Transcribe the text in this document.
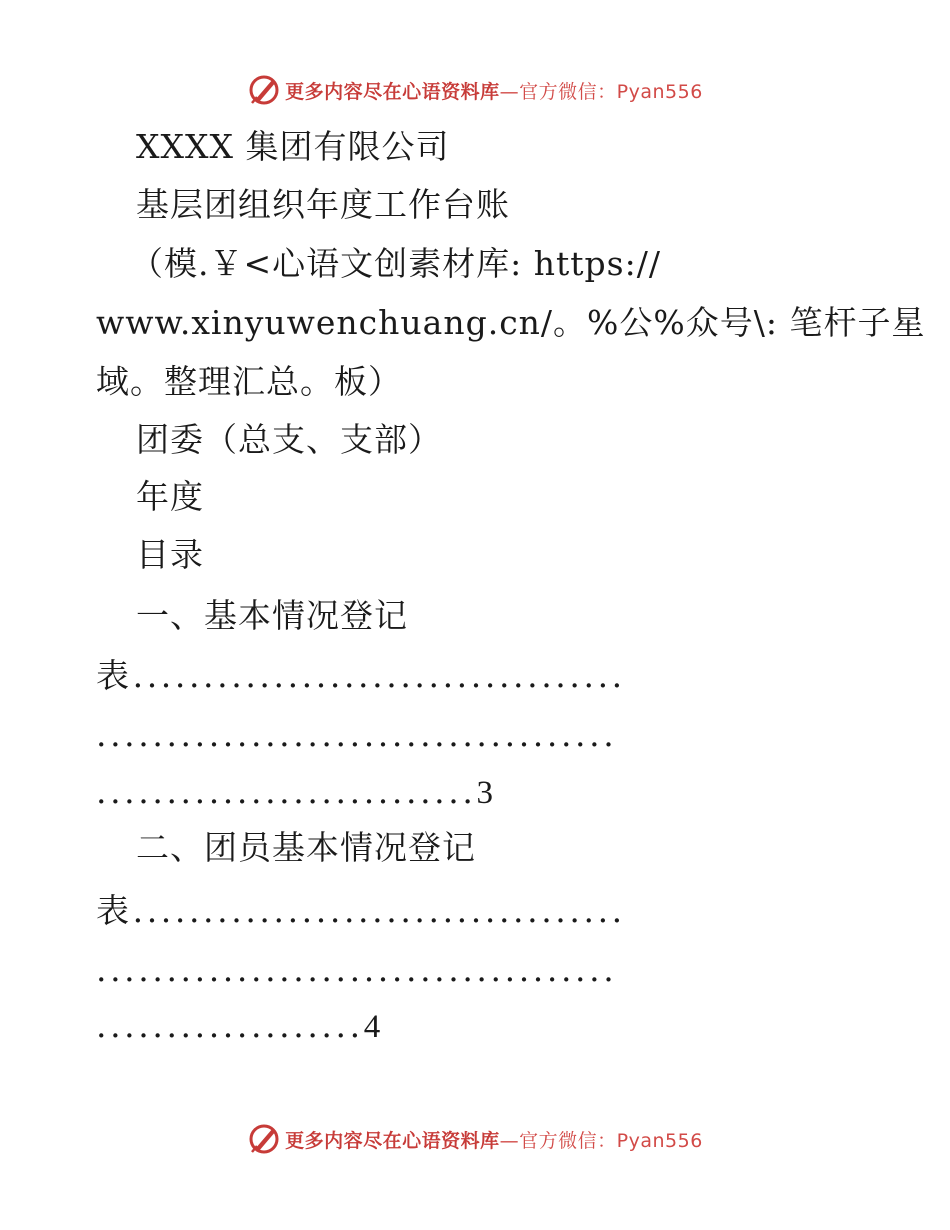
更多内容尽在心语资料库—官方微信：Pyan556
XXXX 集团有限公司
基层团组织年度工作台账
（模.￥<心语文创素材库: https://
www.xinyuwenchuang.cn/。%公%众号\: 笔杆子星
域。整理汇总。板）
团委（总支、支部）
年度
目录
一、基本情况登记
表...................................
.....................................
...........................3
二、团员基本情况登记
表...................................
.....................................
...................4
更多内容尽在心语资料库—官方微信：Pyan556
